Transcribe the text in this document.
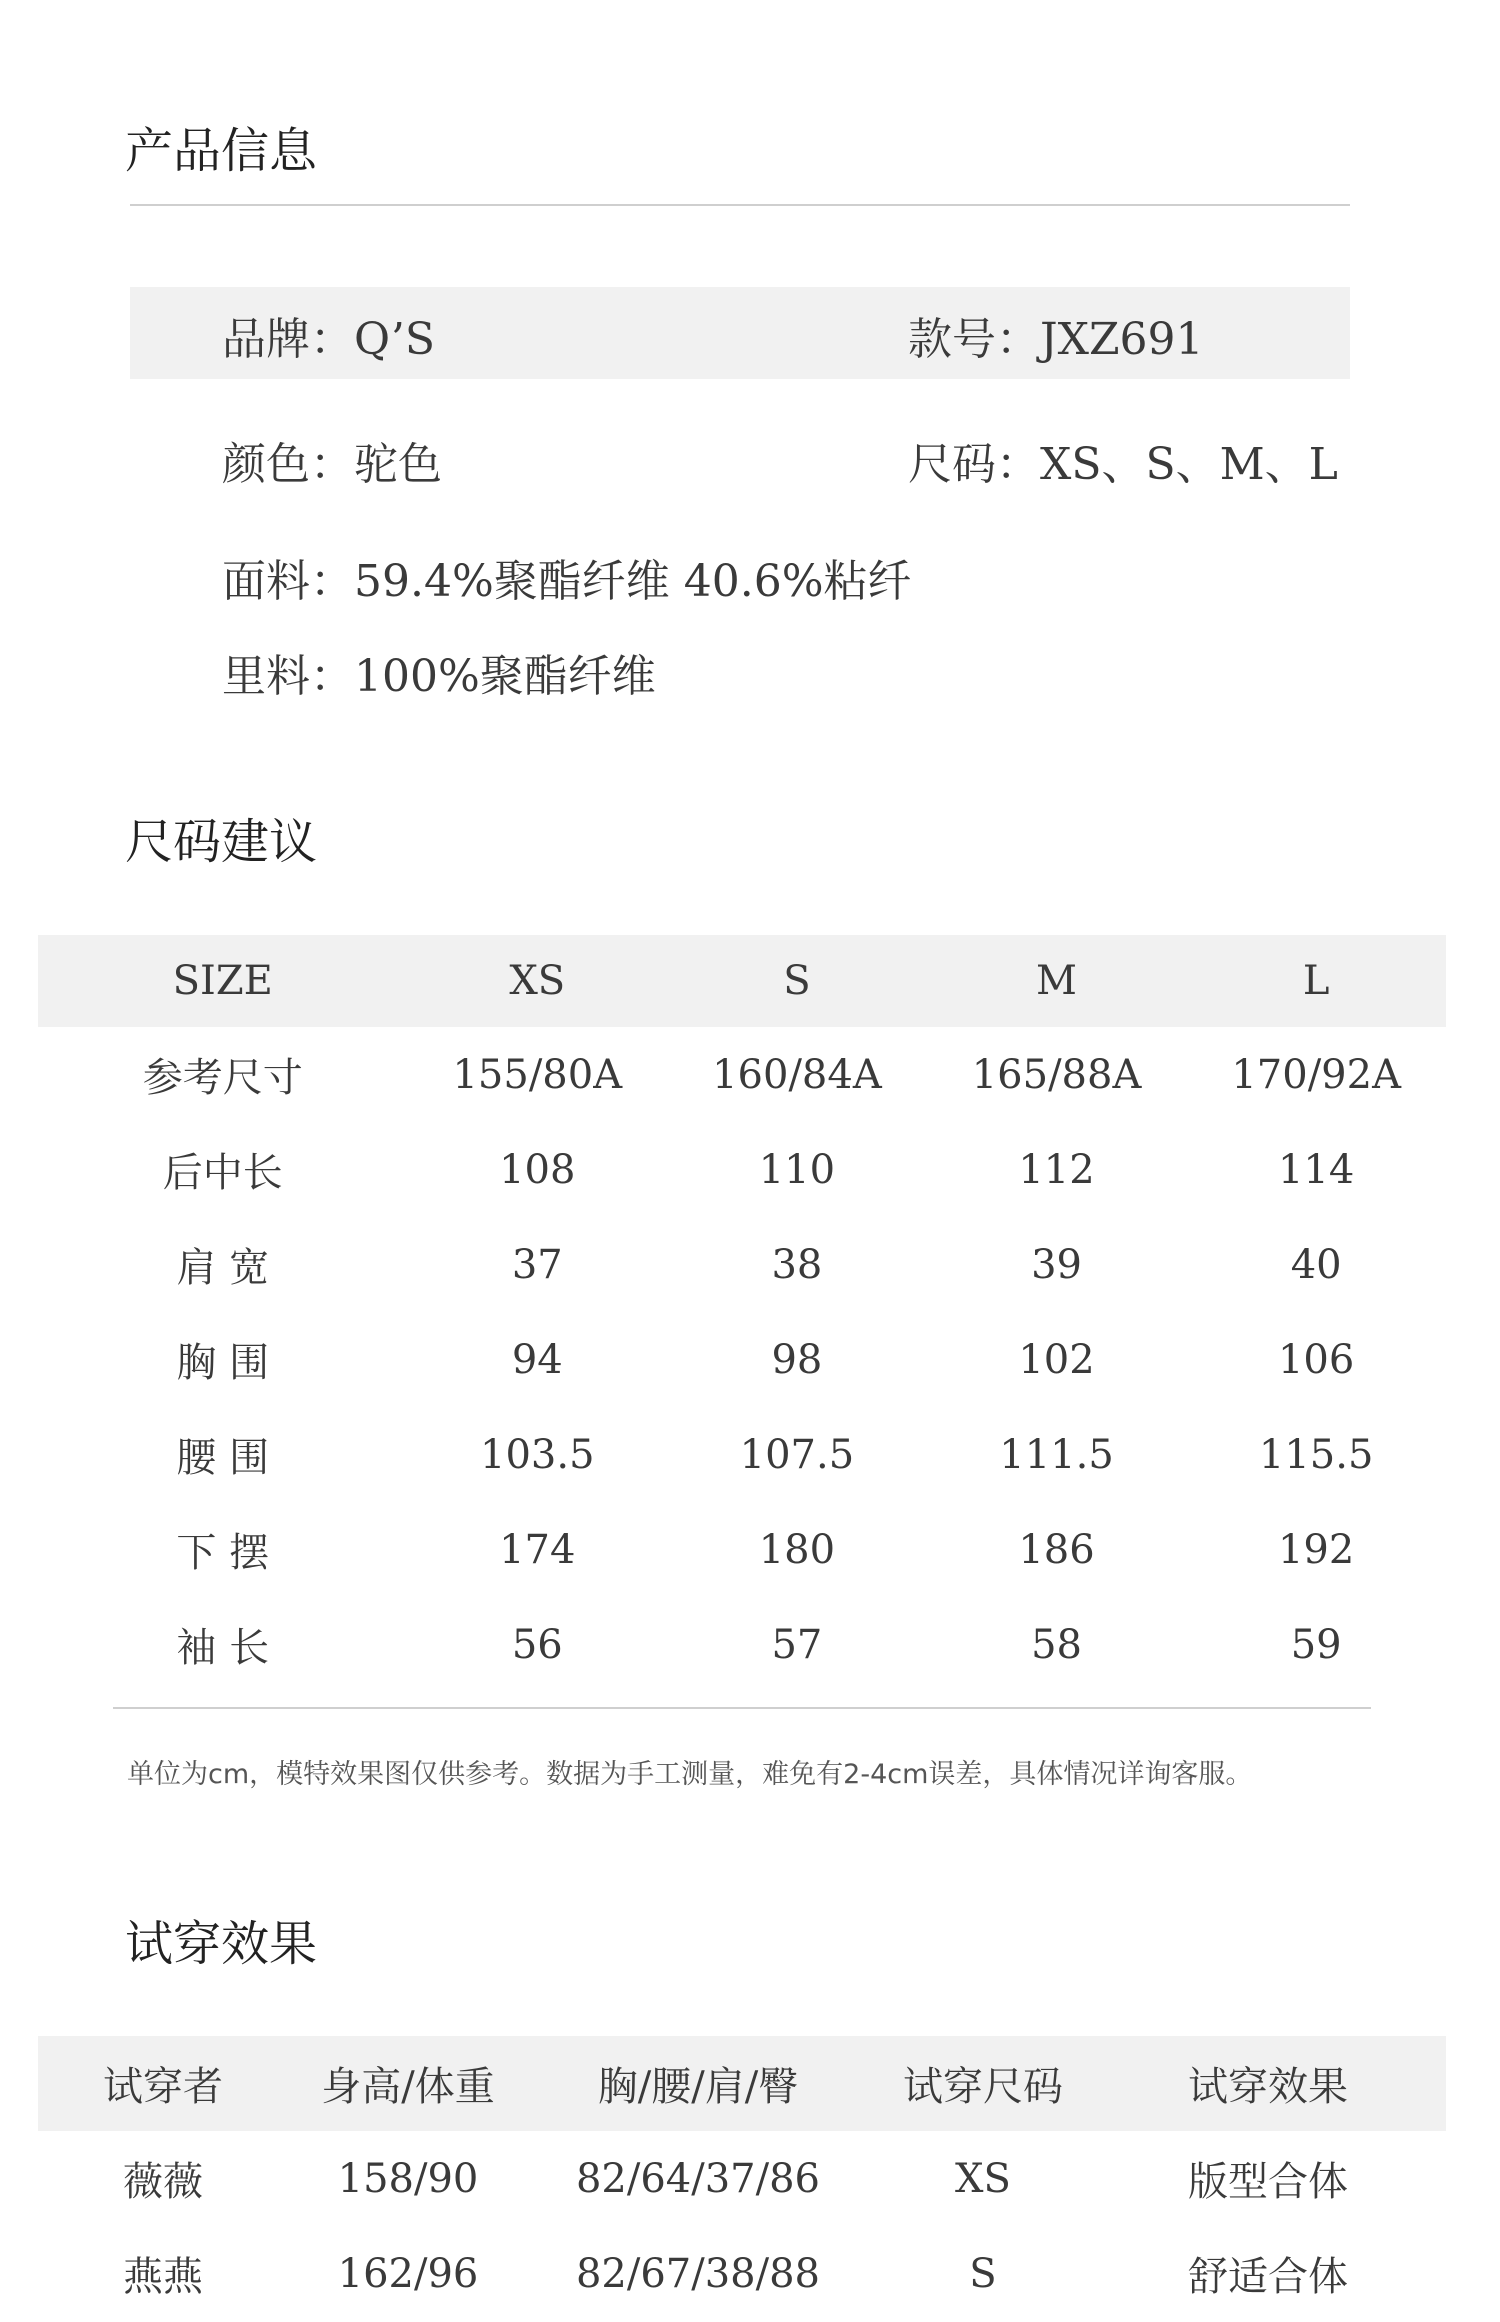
产品信息
品牌：Q’S	款号：JXZ691
颜色：驼色	尺码：XS、S、M、L
面料：59.4%聚酯纤维 40.6%粘纤
里料：100%聚酯纤维
尺码建议
SIZE	XS	S	M	L
参考尺寸	155/80A	160/84A	165/88A	170/92A
后中长	108	110	112	114
肩 宽	37	38	39	40
胸 围	94	98	102	106
腰 围	103.5	107.5	111.5	115.5
下 摆	174	180	186	192
袖 长	56	57	58	59
单位为cm，模特效果图仅供参考。数据为手工测量，难免有2-4cm误差，具体情况详询客服。
试穿效果
试穿者	身高/体重	胸/腰/肩/臀	试穿尺码	试穿效果
薇薇	158/90	82/64/37/86	XS	版型合体
燕燕	162/96	82/67/38/88	S	舒适合体
